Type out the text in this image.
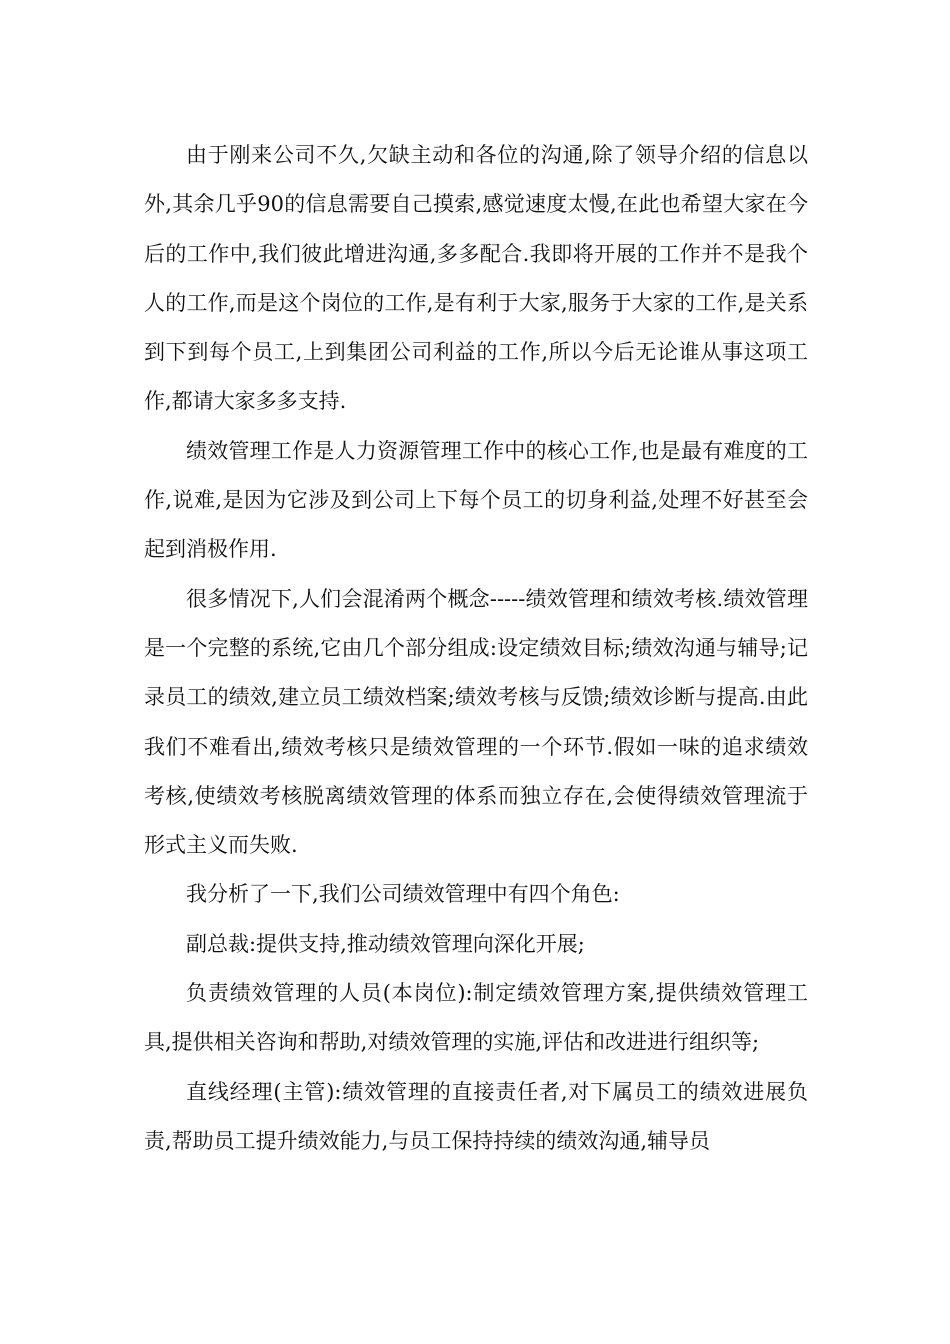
由于刚来公司不久,欠缺主动和各位的沟通,除了领导介绍的信息以外,其余几乎90的信息需要自己摸索,感觉速度太慢,在此也希望大家在今后的工作中,我们彼此增进沟通,多多配合.我即将开展的工作并不是我个人的工作,而是这个岗位的工作,是有利于大家,服务于大家的工作,是关系到下到每个员工,上到集团公司利益的工作,所以今后无论谁从事这项工作,都请大家多多支持.

绩效管理工作是人力资源管理工作中的核心工作,也是最有难度的工作,说难,是因为它涉及到公司上下每个员工的切身利益,处理不好甚至会起到消极作用.

很多情况下,人们会混淆两个概念-----绩效管理和绩效考核.绩效管理是一个完整的系统,它由几个部分组成:设定绩效目标;绩效沟通与辅导;记录员工的绩效,建立员工绩效档案;绩效考核与反馈;绩效诊断与提高.由此我们不难看出,绩效考核只是绩效管理的一个环节.假如一味的追求绩效考核,使绩效考核脱离绩效管理的体系而独立存在,会使得绩效管理流于形式主义而失败.

我分析了一下,我们公司绩效管理中有四个角色:

副总裁:提供支持,推动绩效管理向深化开展;

负责绩效管理的人员(本岗位):制定绩效管理方案,提供绩效管理工具,提供相关咨询和帮助,对绩效管理的实施,评估和改进进行组织等;

直线经理(主管):绩效管理的直接责任者,对下属员工的绩效进展负责,帮助员工提升绩效能力,与员工保持持续的绩效沟通,辅导员
